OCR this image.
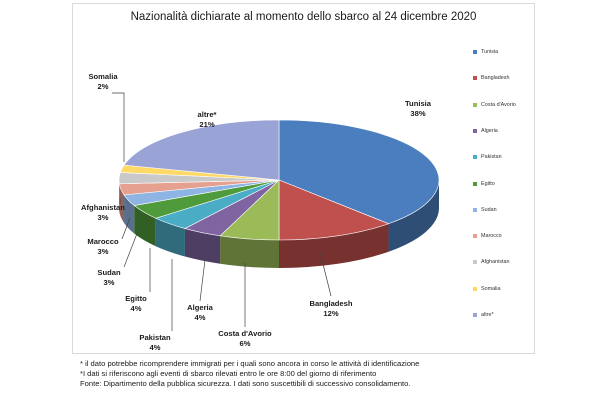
Nazionalità dichiarate al momento dello sbarco al 24 dicembre 2020
Tunisia
38%
Bangladesh
12%
Costa d'Avorio
6%
Algeria
4%
Pakistan
4%
Egitto
4%
Sudan
3%
Marocco
3%
Afghanistan
3%
Somalia
2%
altre*
21%
Tunisia
Bangladesh
Costa d'Avorio
Algeria
Pakistan
Egitto
Sudan
Marocco
Afghanistan
Somalia
altre*
* il dato potrebbe ricomprendere immigrati per i quali sono ancora in corso le attività di identificazione
*I dati si riferiscono agli eventi di sbarco rilevati entro le ore 8:00 del giorno di riferimento
Fonte: Dipartimento della pubblica sicurezza. I dati sono suscettibili di successivo consolidamento.
